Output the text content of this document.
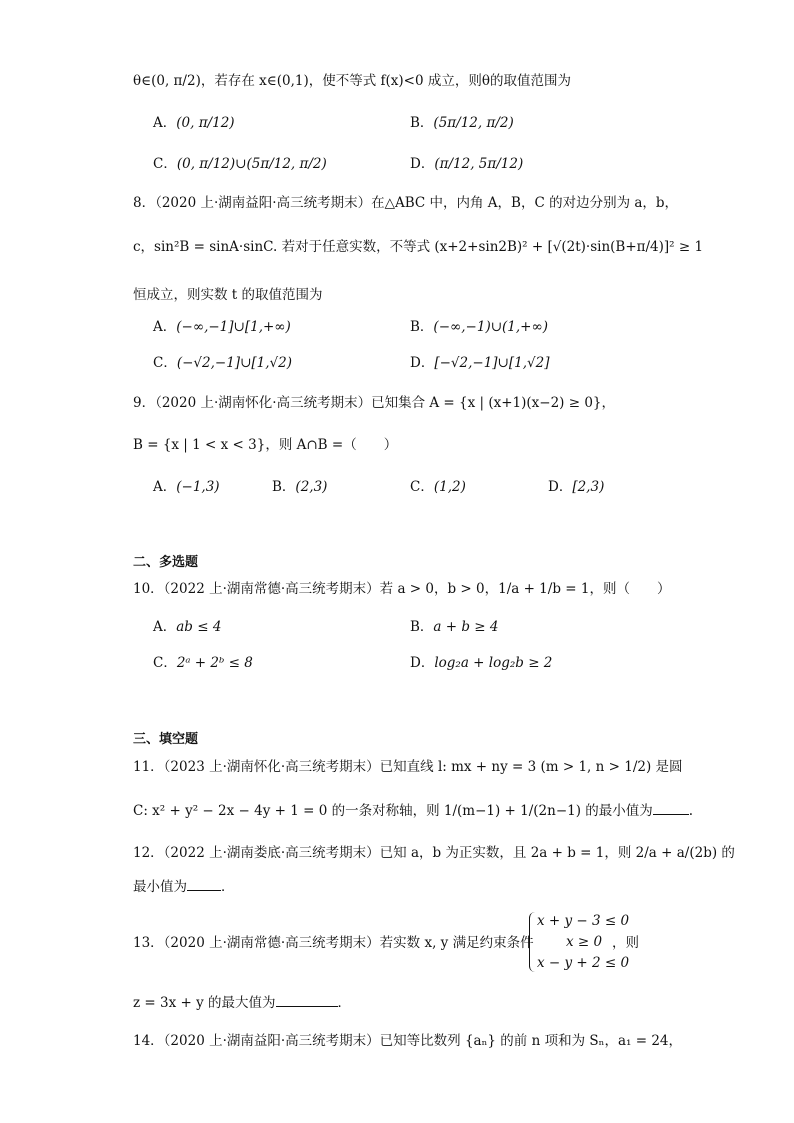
θ∈(0, π/2)，若存在 x∈(0,1)，使不等式 f(x)<0 成立，则θ的取值范围为
A．(0, π/12)	B．(5π/12, π/2)
C．(0, π/12)∪(5π/12, π/2)	D．(π/12, 5π/12)
8．（2020 上·湖南益阳·高三统考期末）在△ABC 中，内角 A，B，C 的对边分别为 a，b，
c，sin²B = sinA·sinC. 若对于任意实数，不等式 (x+2+sin2B)² + [√(2t)·sin(B+π/4)]² ≥ 1
恒成立，则实数 t 的取值范围为
A．(−∞,−1]∪[1,+∞)	B．(−∞,−1)∪(1,+∞)
C．(−√2,−1]∪[1,√2)	D．[−√2,−1]∪[1,√2]
9．（2020 上·湖南怀化·高三统考期末）已知集合 A = {x | (x+1)(x−2) ≥ 0}，
B = {x | 1 < x < 3}，则 A∩B =（　　）
A．(−1,3)	B．(2,3)	C．(1,2)	D．[2,3)
二、多选题
10．（2022 上·湖南常德·高三统考期末）若 a > 0，b > 0，1/a + 1/b = 1，则（　　）
A．ab ≤ 4	B．a + b ≥ 4
C．2ᵃ + 2ᵇ ≤ 8	D．log₂a + log₂b ≥ 2
三、填空题
11．（2023 上·湖南怀化·高三统考期末）已知直线 l: mx + ny = 3 (m > 1, n > 1/2) 是圆
C: x² + y² − 2x − 4y + 1 = 0 的一条对称轴，则 1/(m−1) + 1/(2n−1) 的最小值为	.
12．（2022 上·湖南娄底·高三统考期末）已知 a，b 为正实数，且 2a + b = 1，则 2/a + a/(2b) 的
最小值为	．
13．（2020 上·湖南常德·高三统考期末）若实数 x, y 满足约束条件
x + y − 3 ≤ 0
x ≥ 0
x − y + 2 ≤ 0
，则
z = 3x + y 的最大值为	．
14．（2020 上·湖南益阳·高三统考期末）已知等比数列 {aₙ} 的前 n 项和为 Sₙ，a₁ = 24，
